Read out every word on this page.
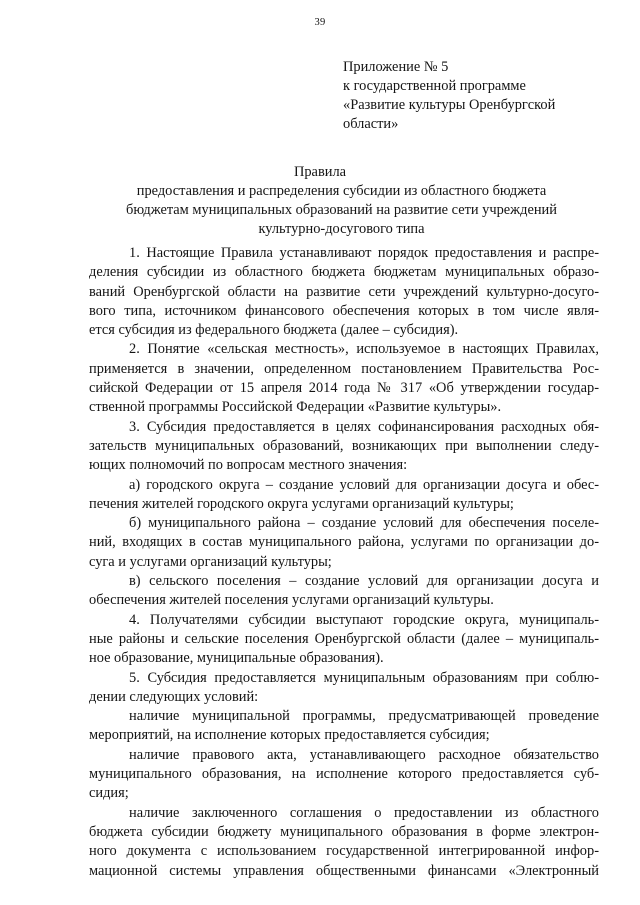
39
Приложение № 5
к государственной программе
«Развитие культуры Оренбургской
области»
Правила
предоставления и распределения субсидии из областного бюджета
бюджетам муниципальных образований на развитие сети учреждений
культурно-досугового типа
1. Настоящие Правила устанавливают порядок предоставления и распре-
деления субсидии из областного бюджета бюджетам муниципальных образо-
ваний Оренбургской области на развитие сети учреждений культурно-досуго-
вого типа, источником финансового обеспечения которых в том числе явля-
ется субсидия из федерального бюджета (далее – субсидия).
2. Понятие «сельская местность», используемое в настоящих Правилах,
применяется в значении, определенном постановлением Правительства Рос-
сийской Федерации от 15 апреля 2014 года № 317 «Об утверждении государ-
ственной программы Российской Федерации «Развитие культуры».
3. Субсидия предоставляется в целях софинансирования расходных обя-
зательств муниципальных образований, возникающих при выполнении следу-
ющих полномочий по вопросам местного значения:
а) городского округа – создание условий для организации досуга и обес-
печения жителей городского округа услугами организаций культуры;
б) муниципального района – создание условий для обеспечения поселе-
ний, входящих в состав муниципального района, услугами по организации до-
суга и услугами организаций культуры;
в) сельского поселения – создание условий для организации досуга и
обеспечения жителей поселения услугами организаций культуры.
4. Получателями субсидии выступают городские округа, муниципаль-
ные районы и сельские поселения Оренбургской области (далее – муниципаль-
ное образование, муниципальные образования).
5. Субсидия предоставляется муниципальным образованиям при соблю-
дении следующих условий:
наличие муниципальной программы, предусматривающей проведение
мероприятий, на исполнение которых предоставляется субсидия;
наличие правового акта, устанавливающего расходное обязательство
муниципального образования, на исполнение которого предоставляется суб-
сидия;
наличие заключенного соглашения о предоставлении из областного
бюджета субсидии бюджету муниципального образования в форме электрон-
ного документа с использованием государственной интегрированной инфор-
мационной системы управления общественными финансами «Электронный
